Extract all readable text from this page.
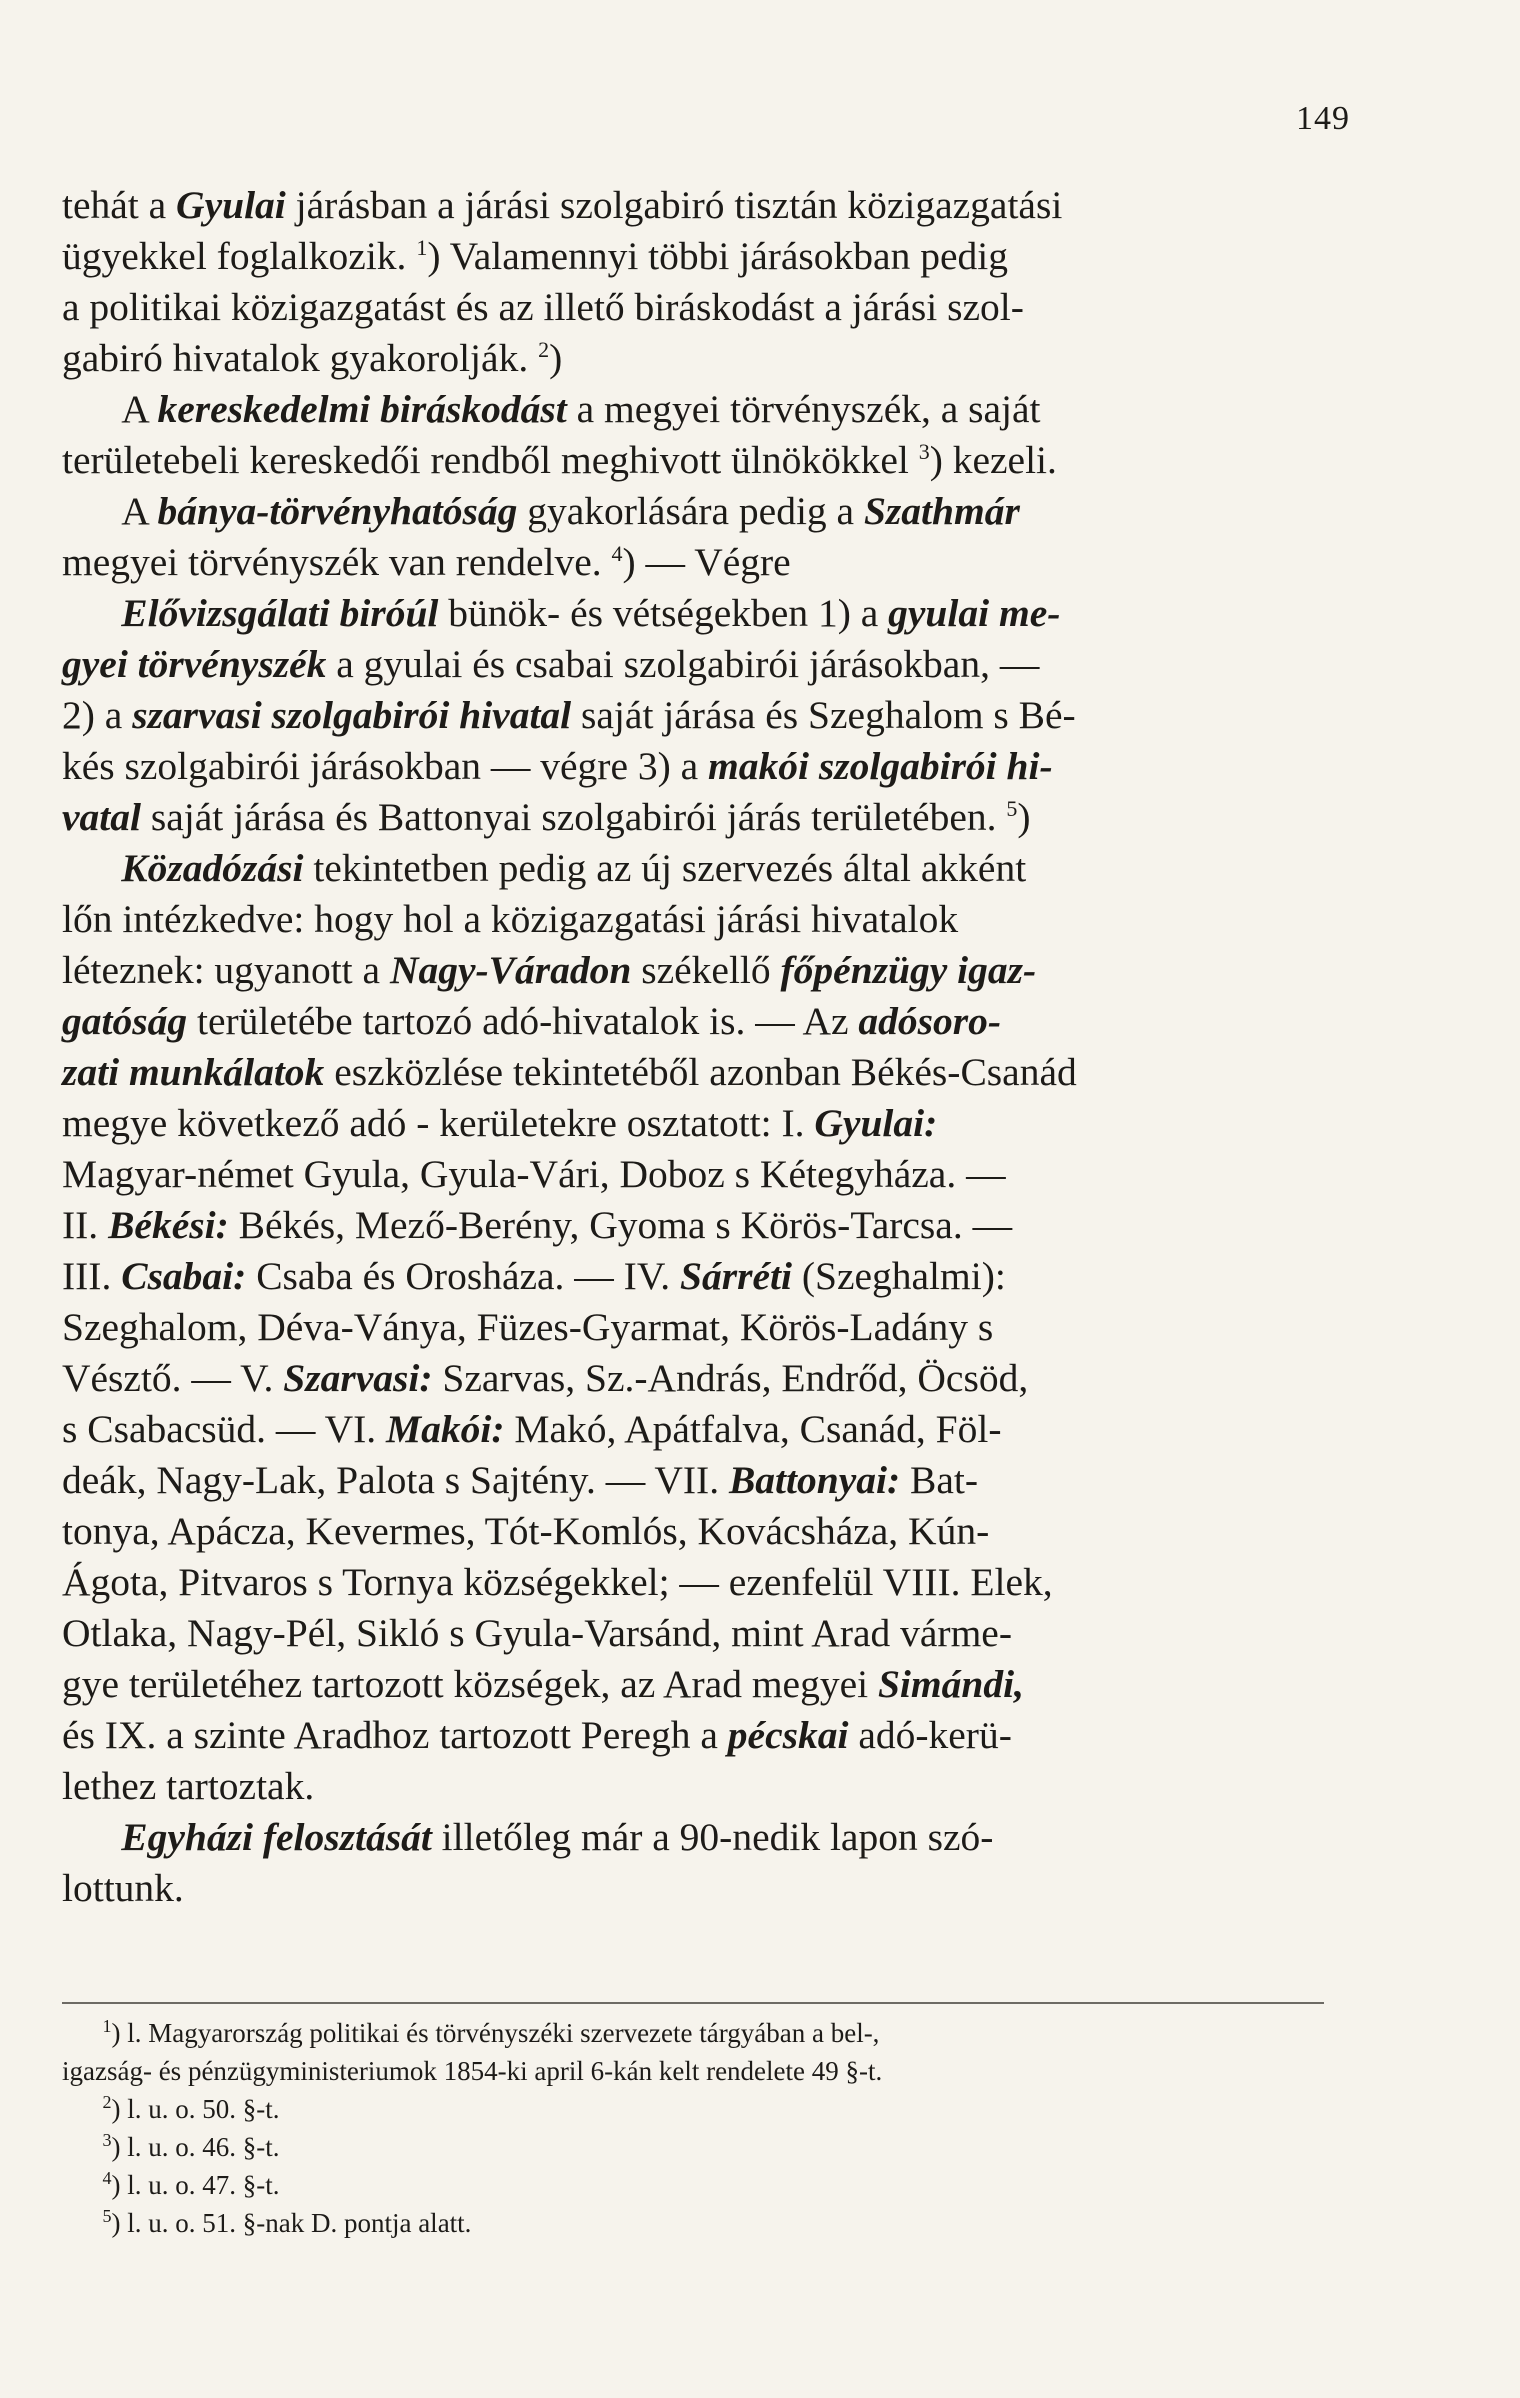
149
tehát a Gyulai járásban a járási szolgabiró tisztán közigazgatási
ügyekkel foglalkozik. $^1$) Valamennyi többi járásokban pedig
a politikai közigazgatást és az illető biráskodást a járási szol-
gabiró hivatalok gyakorolják. $^2$)
  A kereskedelmi biráskodást a megyei törvényszék, a saját
területebeli kereskedői rendből meghivott ülnökökkel $^3$) kezeli.
  A bánya-törvényhatóság gyakorlására pedig a Szathmár
megyei törvényszék van rendelve. $^4$) — Végre
  Elővizsgálati biróúl bünök- és vétségekben 1) a gyulai me-
gyei törvényszék a gyulai és csabai szolgabirói járásokban, —
2) a szarvasi szolgabirói hivatal saját járása és Szeghalom s Bé-
kés szolgabirói járásokban — végre 3) a makói szolgabirói hi-
vatal saját járása és Battonyai szolgabirói járás területében. $^5$)
  Közadózási tekintetben pedig az új szervezés által akként
lőn intézkedve: hogy hol a közigazgatási járási hivatalok
léteznek: ugyanott a Nagy-Váradon székellő főpénzügy igaz-
gatóság területébe tartozó adó-hivatalok is. — Az adósoro-
zati munkálatok eszközlése tekintetéből azonban Békés-Csanád
megye következő adó - kerületekre osztatott: I. Gyulai:
Magyar-német Gyula, Gyula-Vári, Doboz s Kétegyháza. —
II. Békési: Békés, Mező-Berény, Gyoma s Körös-Tarcsa. —
III. Csabai: Csaba és Orosháza. — IV. Sárréti (Szeghalmi):
Szeghalom, Déva-Ványa, Füzes-Gyarmat, Körös-Ladány s
Vésztő. — V. Szarvasi: Szarvas, Sz.-András, Endrőd, Öcsöd,
s Csabacsüd. — VI. Makói: Makó, Apátfalva, Csanád, Föl-
deák, Nagy-Lak, Palota s Sajtény. — VII. Battonyai: Bat-
tonya, Apácza, Kevermes, Tót-Komlós, Kovácsháza, Kún-
Ágota, Pitvaros s Tornya községekkel; — ezenfelül VIII. Elek,
Otlaka, Nagy-Pél, Sikló s Gyula-Varsánd, mint Arad várme-
gye területéhez tartozott községek, az Arad megyei Simándi,
és IX. a szinte Aradhoz tartozott Peregh a pécskai adó-kerü-
lethez tartoztak.
  Egyházi felosztását illetőleg már a 90-nedik lapon szó-
lottunk.
  $^1$) l. Magyarország politikai és törvényszéki szervezete tárgyában a bel-,
igazság- és pénzügyministeriumok 1854-ki april 6-kán kelt rendelete 49 §-t.
  $^2$) l. u. o. 50. §-t.
  $^3$) l. u. o. 46. §-t.
  $^4$) l. u. o. 47. §-t.
  $^5$) l. u. o. 51. §-nak D. pontja alatt.
